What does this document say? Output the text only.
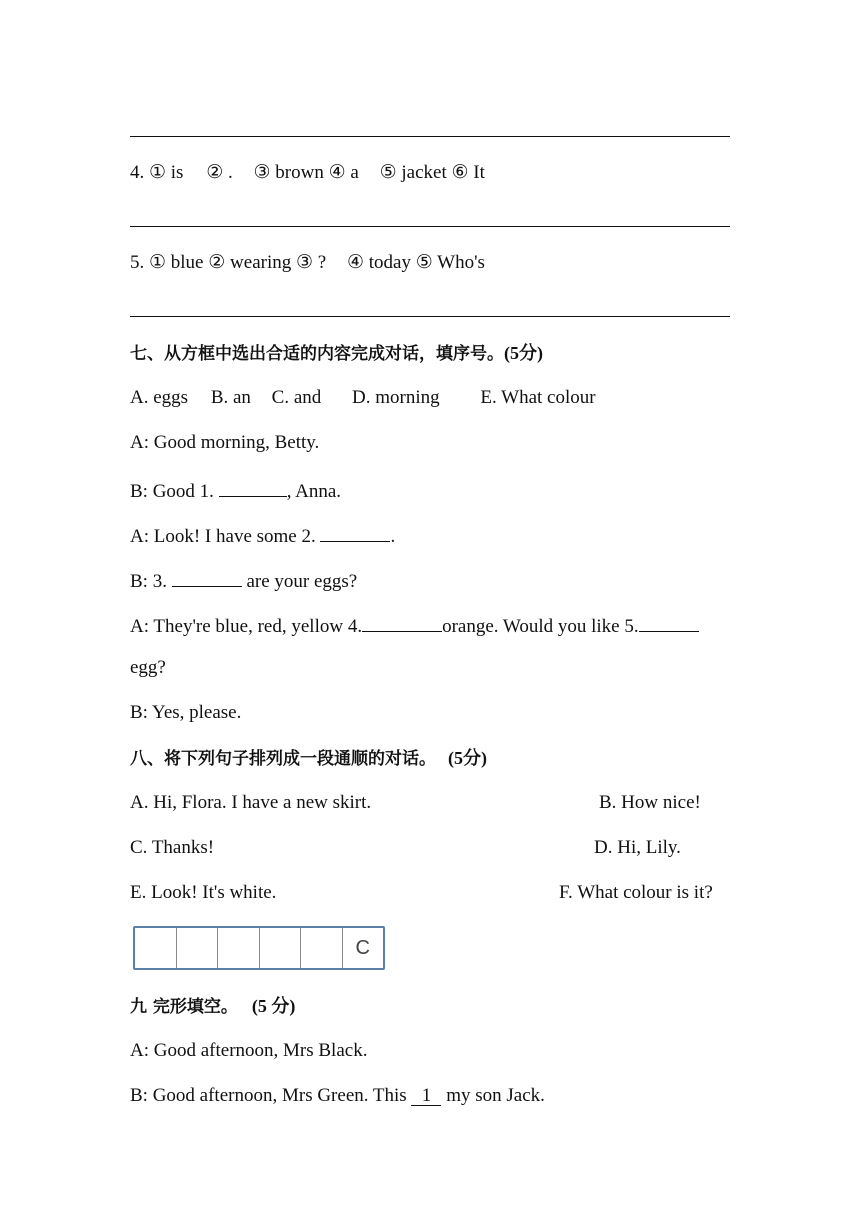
4. ① is ② . ③ brown ④ a ⑤ jacket ⑥ It
5. ① blue ② wearing ③ ? ④ today ⑤ Who's
七、从方框中选出合适的内容完成对话，填序号。(5分)
A. eggs B. an C. and D. morning E. What colour
A: Good morning, Betty.
B: Good 1.	, Anna.
A: Look! I have some 2.	.
B: 3.	are your eggs?
A: They're blue, red, yellow 4.	orange. Would you like 5.
egg?
B: Yes, please.
八、将下列句子排列成一段通顺的对话。 (5分)
A. Hi, Flora. I have a new skirt.	B. How nice!
C. Thanks!	D. Hi, Lily.
E. Look! It's white.	F. What colour is it?
C
九 完形填空。 (5 分)
A: Good afternoon, Mrs Black.
B: Good afternoon, Mrs Green. This 1 my son Jack.
